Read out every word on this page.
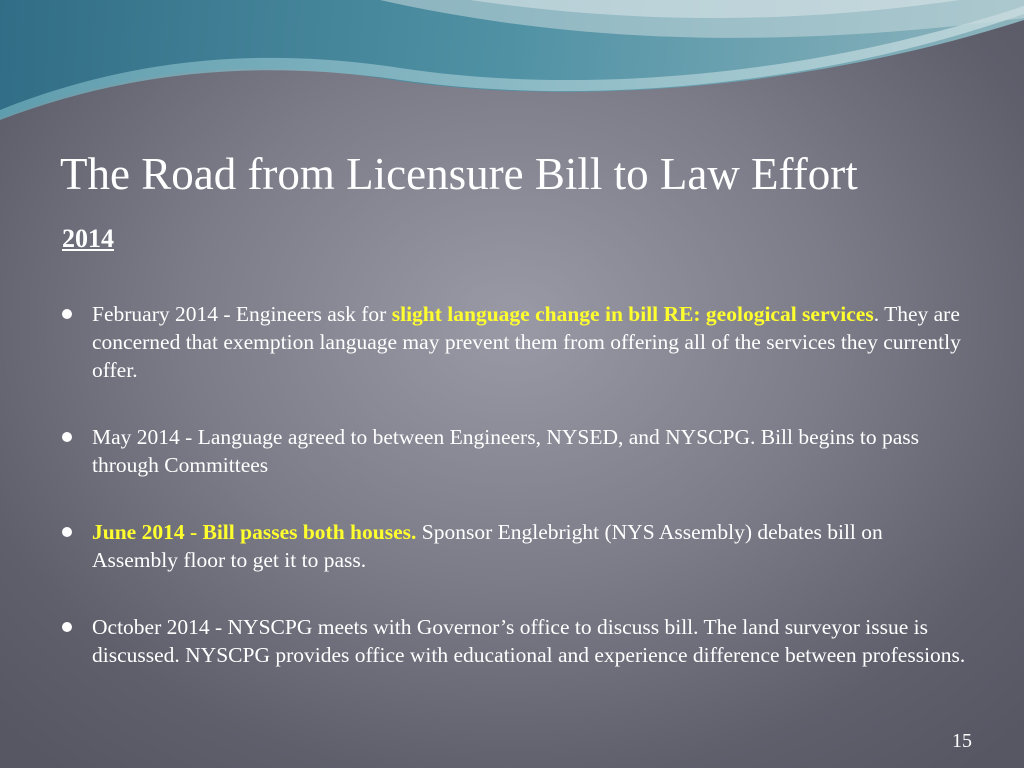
The Road from Licensure Bill to Law Effort
2014
February 2014 - Engineers ask for slight language change in bill RE: geological services. They are concerned that exemption language may prevent them from offering all of the services they currently offer.
May 2014 - Language agreed to between Engineers, NYSED, and NYSCPG. Bill begins to pass through Committees
June 2014 - Bill passes both houses. Sponsor Englebright (NYS Assembly) debates bill on Assembly floor to get it to pass.
October 2014 - NYSCPG meets with Governor’s office to discuss bill. The land surveyor issue is discussed. NYSCPG provides office with educational and experience difference between professions.
15
